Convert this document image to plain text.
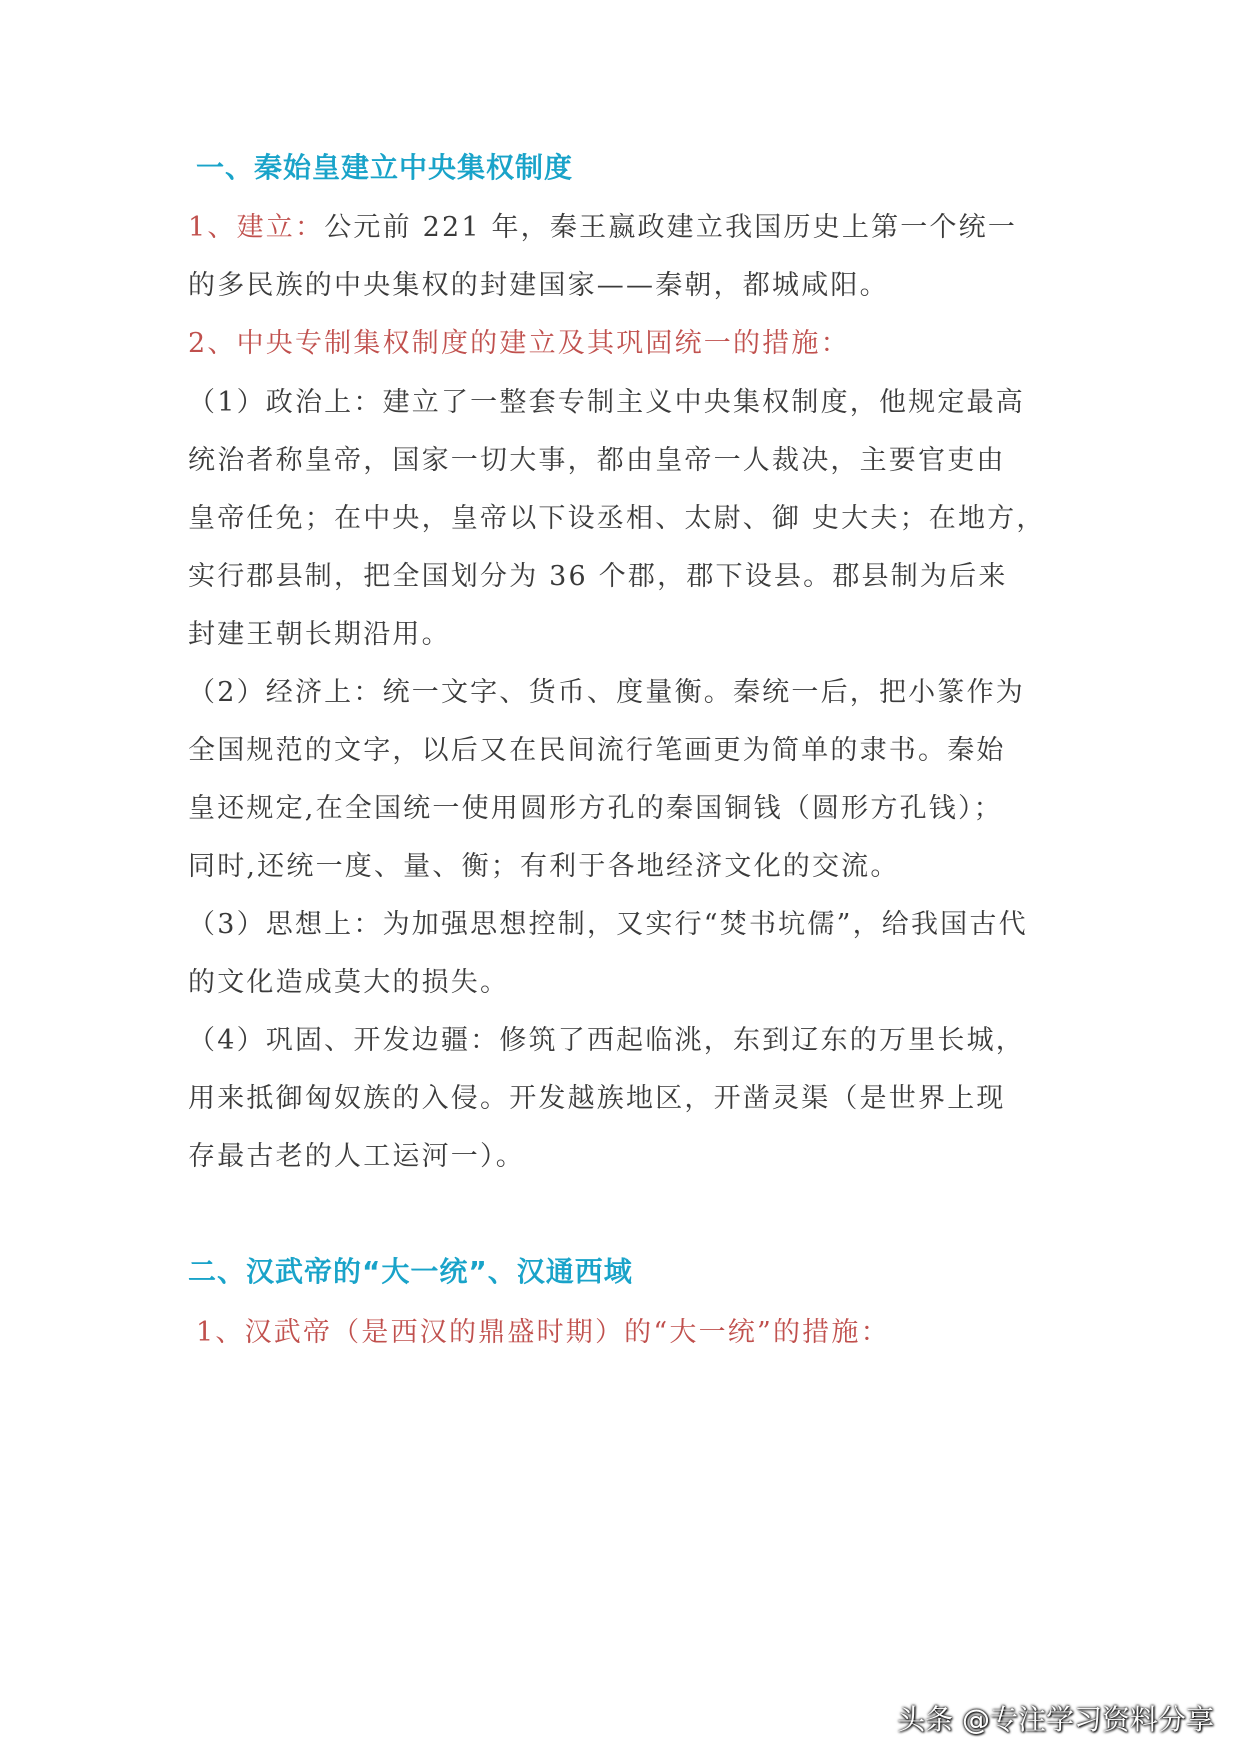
一、秦始皇建立中央集权制度
1、建立：公元前 221 年，秦王嬴政建立我国历史上第一个统一
的多民族的中央集权的封建国家——秦朝，都城咸阳。
2、中央专制集权制度的建立及其巩固统一的措施：
（1）政治上：建立了一整套专制主义中央集权制度，他规定最高
统治者称皇帝，国家一切大事，都由皇帝一人裁决，主要官吏由
皇帝任免；在中央，皇帝以下设丞相、太尉、御 史大夫；在地方，
实行郡县制，把全国划分为 36 个郡，郡下设县。郡县制为后来
封建王朝长期沿用。
（2）经济上：统一文字、货币、度量衡。秦统一后，把小篆作为
全国规范的文字，以后又在民间流行笔画更为简单的隶书。秦始
皇还规定,在全国统一使用圆形方孔的秦国铜钱（圆形方孔钱）；
同时,还统一度、量、衡；有利于各地经济文化的交流。
（3）思想上：为加强思想控制，又实行“焚书坑儒”，给我国古代
的文化造成莫大的损失。
（4）巩固、开发边疆：修筑了西起临洮，东到辽东的万里长城，
用来抵御匈奴族的入侵。开发越族地区，开凿灵渠（是世界上现
存最古老的人工运河一）。
二、汉武帝的“大一统”、汉通西域
1、汉武帝（是西汉的鼎盛时期）的“大一统”的措施：
头条 @专注学习资料分享
